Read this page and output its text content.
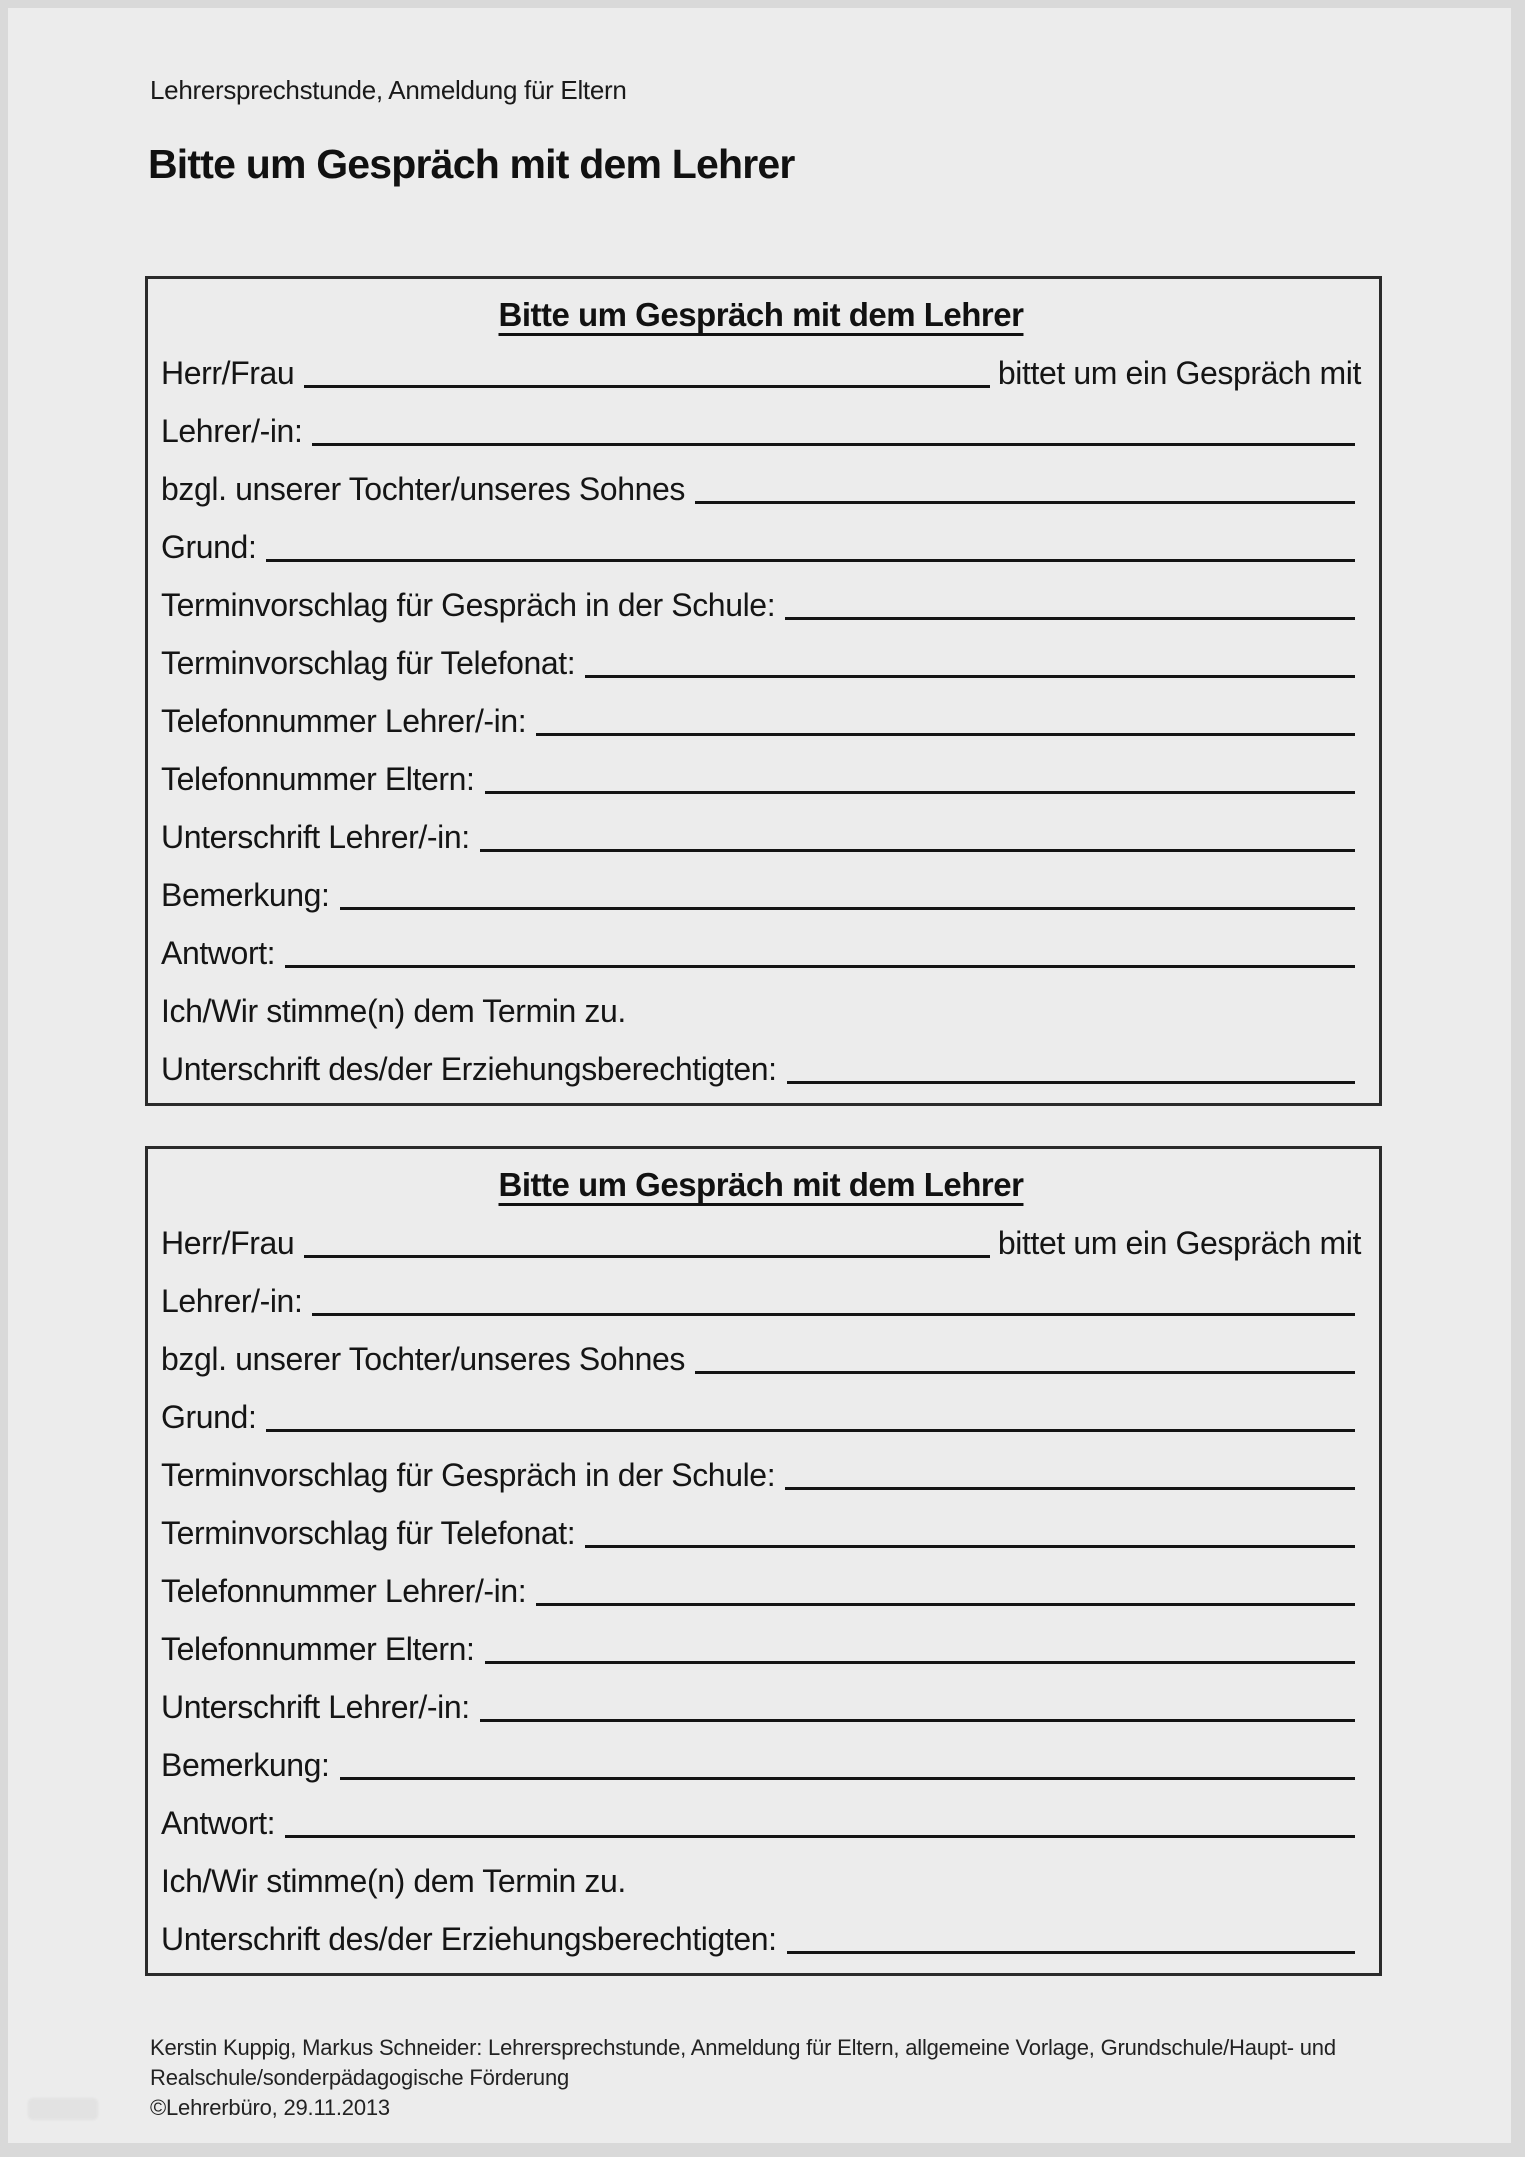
Lehrersprechstunde, Anmeldung für Eltern
Bitte um Gespräch mit dem Lehrer
Bitte um Gespräch mit dem Lehrer
Herr/Frau	bittet um ein Gespräch mit
Lehrer/-in:
bzgl. unserer Tochter/unseres Sohnes
Grund:
Terminvorschlag für Gespräch in der Schule:
Terminvorschlag für Telefonat:
Telefonnummer Lehrer/-in:
Telefonnummer Eltern:
Unterschrift Lehrer/-in:
Bemerkung:
Antwort:
Ich/Wir stimme(n) dem Termin zu.
Unterschrift des/der Erziehungsberechtigten:
Bitte um Gespräch mit dem Lehrer
Herr/Frau	bittet um ein Gespräch mit
Lehrer/-in:
bzgl. unserer Tochter/unseres Sohnes
Grund:
Terminvorschlag für Gespräch in der Schule:
Terminvorschlag für Telefonat:
Telefonnummer Lehrer/-in:
Telefonnummer Eltern:
Unterschrift Lehrer/-in:
Bemerkung:
Antwort:
Ich/Wir stimme(n) dem Termin zu.
Unterschrift des/der Erziehungsberechtigten:
Kerstin Kuppig, Markus Schneider: Lehrersprechstunde, Anmeldung für Eltern, allgemeine Vorlage, Grundschule/Haupt- und
Realschule/sonderpädagogische Förderung
©Lehrerbüro, 29.11.2013
